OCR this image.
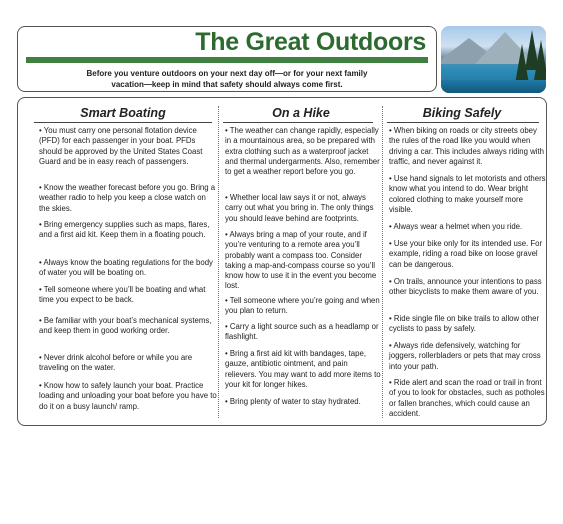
The Great Outdoors
Before you venture outdoors on your next day off—or for your next family
vacation—keep in mind that safety should always come first.
Smart Boating
• You must carry one personal flotation device (PFD) for each passenger in your boat. PFDs should be approved by the United States Coast Guard and be in easy reach of passengers.
• Know the weather forecast before you go. Bring a weather radio to help you keep a close watch on the skies.
• Bring emergency supplies such as maps, flares, and a first aid kit. Keep them in a floating pouch.
• Always know the boating regulations for the body of water you will be boating on.
• Tell someone where you’ll be boating and what time you expect to be back.
• Be familiar with your boat’s mechanical systems, and keep them in good working order.
• Never drink alcohol before or while you are traveling on the water.
• Know how to safely launch your boat. Practice loading and unloading your boat before you have to do it on a busy launch/ ramp.
On a Hike
• The weather can change rapidly, especially in a mountainous area, so be prepared with extra clothing such as a waterproof jacket and thermal undergarments. Also, remember to get a weather report before you go.
• Whether local law says it or not, always carry out what you bring in. The only things you should leave behind are footprints.
• Always bring a map of your route, and if you’re venturing to a remote area you’ll probably want a compass too. Consider taking a map-and-compass course so you’ll know how to use it in the event you become lost.
• Tell someone where you’re going and when you plan to return.
• Carry a light source such as a headlamp or flashlight.
• Bring a first aid kit with bandages, tape, gauze, antibiotic ointment, and pain relievers. You may want to add more items to your kit for longer hikes.
• Bring plenty of water to stay hydrated.
Biking Safely
• When biking on roads or city streets obey the rules of the road like you would when driving a car. This includes always riding with traffic, and never against it.
• Use hand signals to let motorists and others know what you intend to do. Wear bright colored clothing to make yourself more visible.
• Always wear a helmet when you ride.
• Use your bike only for its intended use. For example, riding a road bike on loose gravel can be dangerous.
• On trails, announce your intentions to pass other bicyclists to make them aware of you.
• Ride single file on bike trails to allow other cyclists to pass by safely.
• Always ride defensively, watching for joggers, rollerbladers or pets that may cross into your path.
• Ride alert and scan the road or trail in front of you to look for obstacles, such as potholes or fallen branches, which could cause an accident.
